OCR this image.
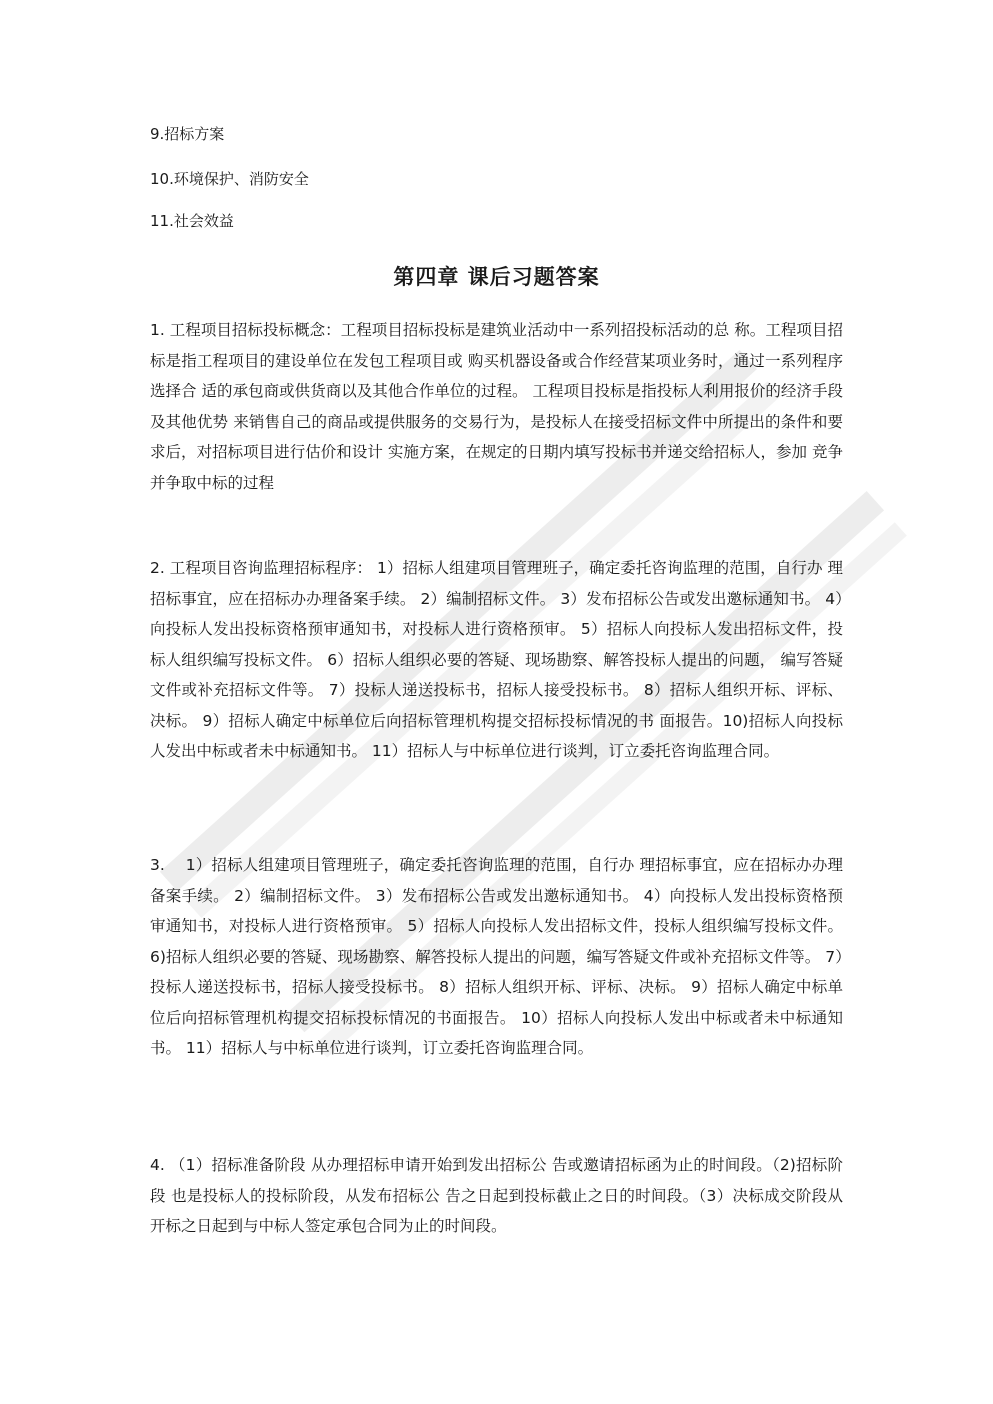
9.招标方案
10.环境保护、消防安全
11.社会效益
第四章 课后习题答案
1. 工程项目招标投标概念：工程项目招标投标是建筑业活动中一系列招投标活动的总 称。工程项目招标是指工程项目的建设单位在发包工程项目或 购买机器设备或合作经营某项业务时，通过一系列程序选择合 适的承包商或供货商以及其他合作单位的过程。 工程项目投标是指投标人利用报价的经济手段及其他优势 来销售自己的商品或提供服务的交易行为，是投标人在接受招标文件中所提出的条件和要求后，对招标项目进行估价和设计 实施方案，在规定的日期内填写投标书并递交给招标人，参加 竞争并争取中标的过程
2. 工程项目咨询监理招标程序： 1）招标人组建项目管理班子，确定委托咨询监理的范围，自行办 理招标事宜，应在招标办办理备案手续。 2）编制招标文件。 3）发布招标公告或发出邀标通知书。 4）向投标人发出投标资格预审通知书，对投标人进行资格预审。 5）招标人向投标人发出招标文件，投标人组织编写投标文件。 6）招标人组织必要的答疑、现场勘察、解答投标人提出的问题， 编写答疑文件或补充招标文件等。 7）投标人递送投标书，招标人接受投标书。 8）招标人组织开标、评标、决标。 9）招标人确定中标单位后向招标管理机构提交招标投标情况的书 面报告。10)招标人向投标人发出中标或者未中标通知书。 11）招标人与中标单位进行谈判，订立委托咨询监理合同。
3.　 1）招标人组建项目管理班子，确定委托咨询监理的范围，自行办 理招标事宜，应在招标办办理备案手续。 2）编制招标文件。 3）发布招标公告或发出邀标通知书。 4）向投标人发出投标资格预审通知书，对投标人进行资格预审。 5）招标人向投标人发出招标文件，投标人组织编写投标文件。 6)招标人组织必要的答疑、现场勘察、解答投标人提出的问题，编写答疑文件或补充招标文件等。 7）投标人递送投标书，招标人接受投标书。 8）招标人组织开标、评标、决标。 9）招标人确定中标单位后向招标管理机构提交招标投标情况的书面报告。 10）招标人向投标人发出中标或者未中标通知书。 11）招标人与中标单位进行谈判，订立委托咨询监理合同。
4. （1）招标准备阶段 从办理招标申请开始到发出招标公 告或邀请招标函为止的时间段。（2)招标阶段 也是投标人的投标阶段，从发布招标公 告之日起到投标截止之日的时间段。（3）决标成交阶段从开标之日起到与中标人签定承包合同为止的时间段。
